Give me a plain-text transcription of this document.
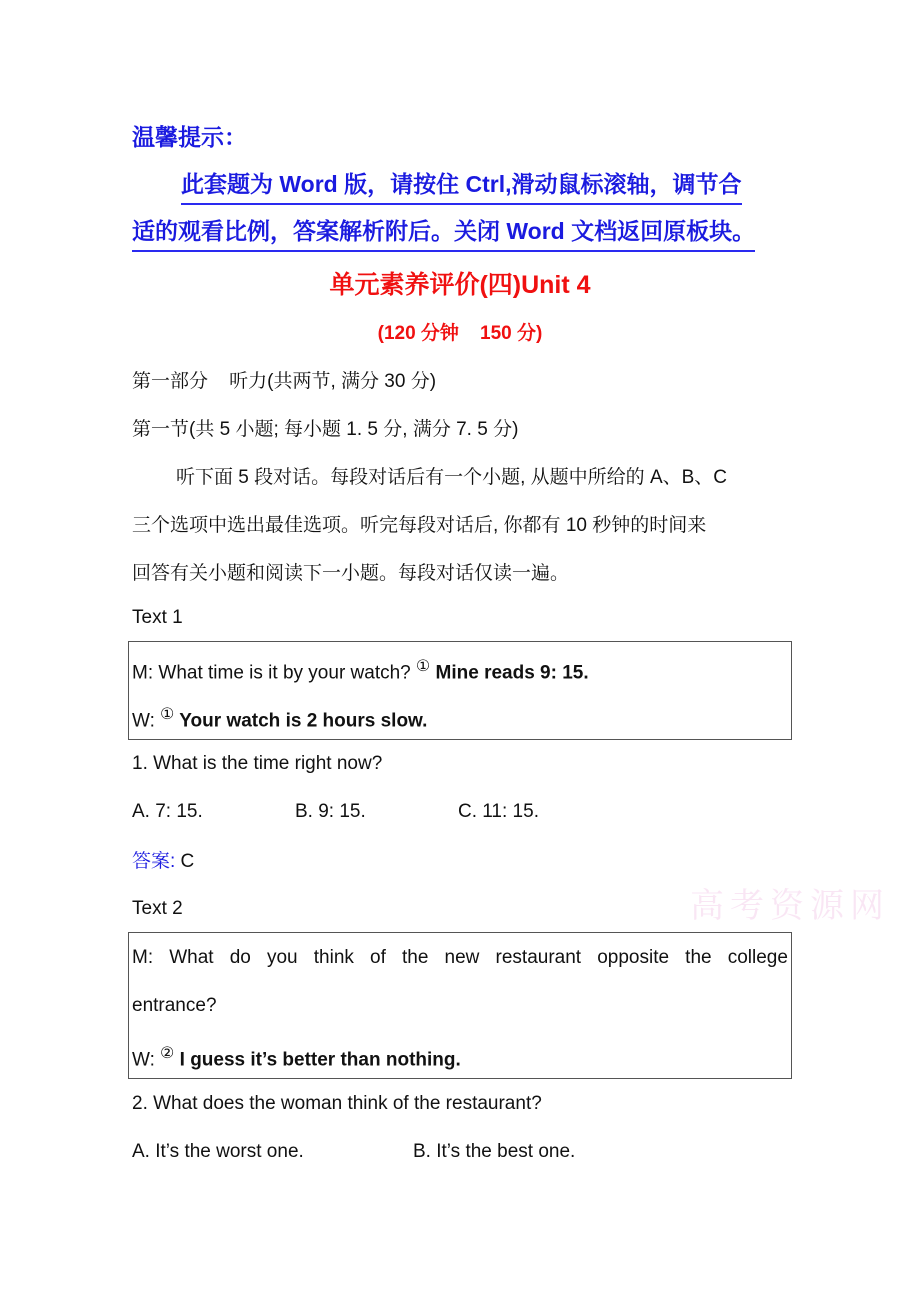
温馨提示：
此套题为 Word 版，请按住 Ctrl,滑动鼠标滚轴，调节合
适的观看比例，答案解析附后。关闭 Word 文档返回原板块。
单元素养评价(四)Unit 4
(120 分钟    150 分)
第一部分    听力(共两节, 满分 30 分)
第一节(共 5 小题; 每小题 1. 5 分, 满分 7. 5 分)
听下面 5 段对话。每段对话后有一个小题, 从题中所给的 A、B、C
三个选项中选出最佳选项。听完每段对话后, 你都有 10 秒钟的时间来
回答有关小题和阅读下一小题。每段对话仅读一遍。
Text 1
M: What time is it by your watch? ① Mine reads 9: 15.
W: ① Your watch is 2 hours slow.
1. What is the time right now?
A. 7: 15.	B. 9: 15.	C. 11: 15.
答案: C
高考资源网
Text 2
M: What do you think of the new restaurant opposite the college
entrance?
W: ② I guess it’s better than nothing.
2. What does the woman think of the restaurant?
A. It’s the worst one.	B. It’s the best one.
